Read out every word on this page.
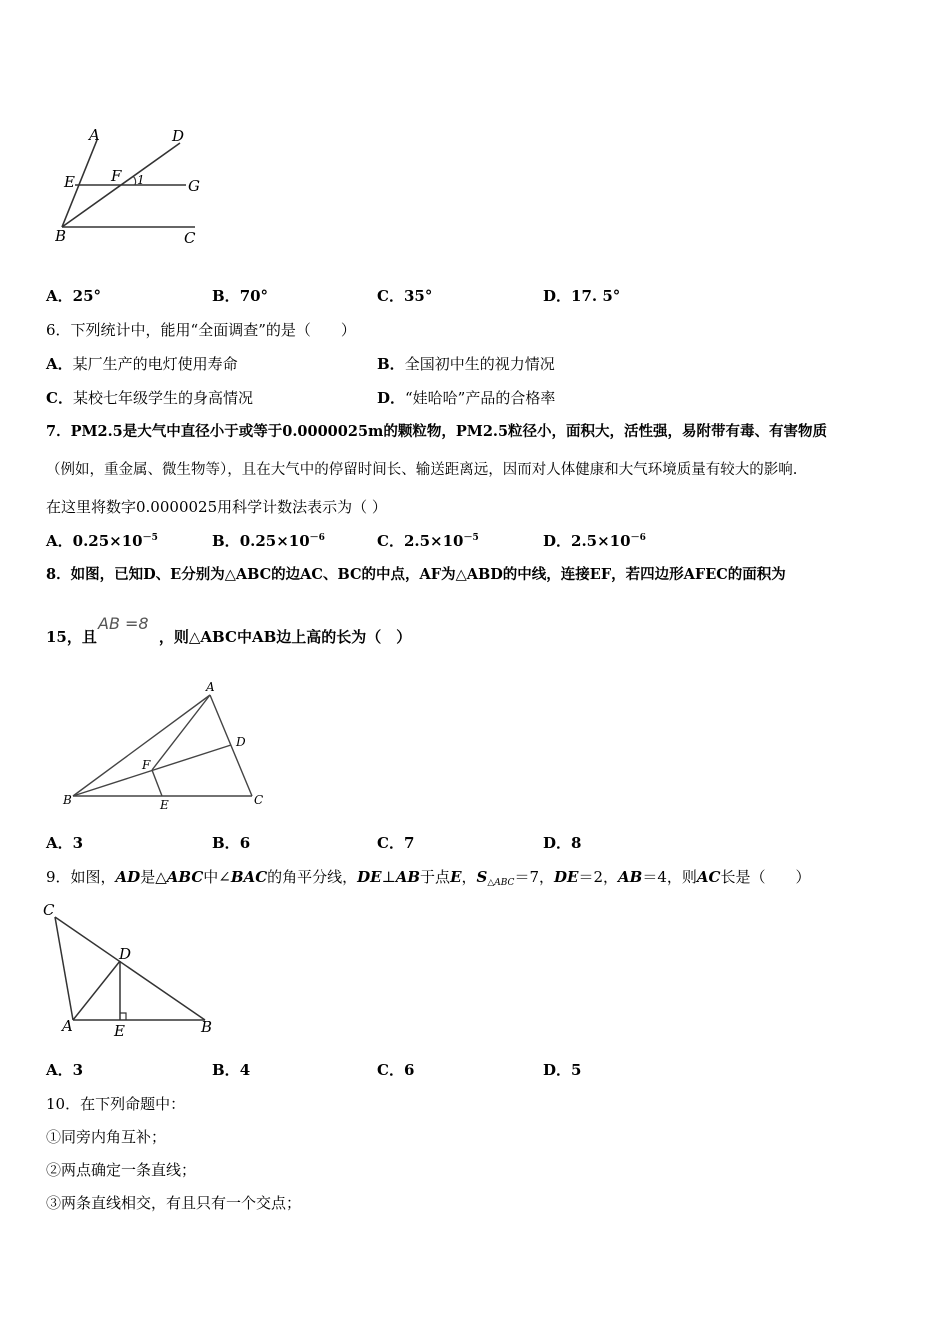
A	D
E F 1	G
B	C
A．25°	B．70°	C．35°	D．17. 5°
6．下列统计中，能用“全面调查”的是（　　）
A．某厂生产的电灯使用寿命	B．全国初中生的视力情况
C．某校七年级学生的身高情况	D．“娃哈哈”产品的合格率
7．PM2.5是大气中直径小于或等于0.0000025m的颗粒物，PM2.5粒径小，面积大，活性强，易附带有毒、有害物质
（例如，重金属、微生物等），且在大气中的停留时间长、输送距离远，因而对人体健康和大气环境质量有较大的影响.
在这里将数字0.0000025用科学计数法表示为（ ）
A．$0.25\times 10^{-5}$	B．$0.25\times 10^{-6}$	C．$2.5\times 10^{-5}$	D．$2.5\times 10^{-6}$
8．如图，已知D、E分别为△ABC的边AC、BC的中点，AF为△ABD的中线，连接EF，若四边形AFEC的面积为
15，且	，则△ABC中AB边上高的长为（　）
AB =8
A
D
F
B	E	C
A．3	B．6	C．7	D．8
9．如图，AD是△ABC中∠BAC的角平分线，DE⊥AB于点E，$S_{\triangle ABC}=7$，DE＝2，AB＝4，则AC长是（　　）
C
D
A	E	B
A．3	B．4	C．6	D．5
10．在下列命题中：
①同旁内角互补；
②两点确定一条直线；
③两条直线相交，有且只有一个交点；
